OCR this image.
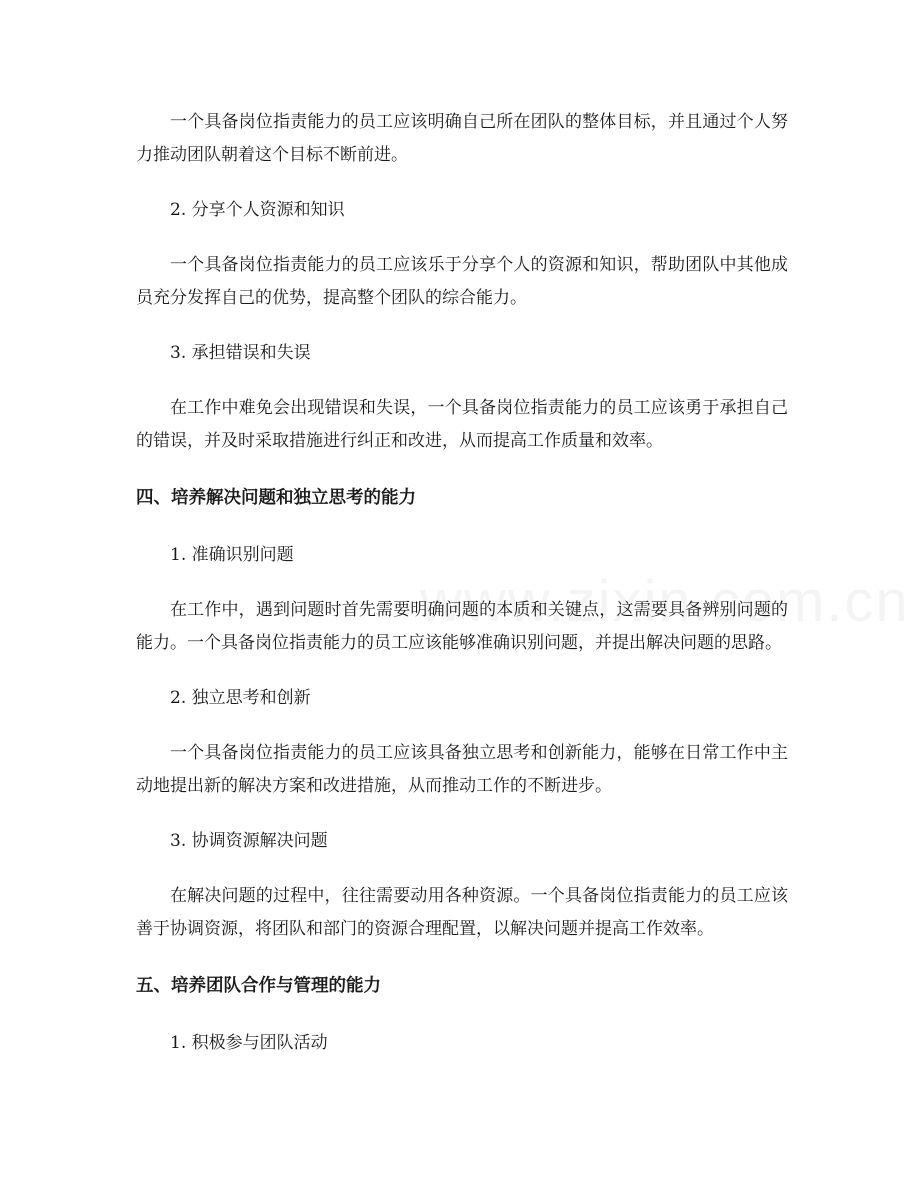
一个具备岗位指责能力的员工应该明确自己所在团队的整体目标，并且通过个人努力推动团队朝着这个目标不断前进。

2. 分享个人资源和知识

一个具备岗位指责能力的员工应该乐于分享个人的资源和知识，帮助团队中其他成员充分发挥自己的优势，提高整个团队的综合能力。

3. 承担错误和失误

在工作中难免会出现错误和失误，一个具备岗位指责能力的员工应该勇于承担自己的错误，并及时采取措施进行纠正和改进，从而提高工作质量和效率。

四、培养解决问题和独立思考的能力

1. 准确识别问题

在工作中，遇到问题时首先需要明确问题的本质和关键点，这需要具备辨别问题的能力。一个具备岗位指责能力的员工应该能够准确识别问题，并提出解决问题的思路。

2. 独立思考和创新

一个具备岗位指责能力的员工应该具备独立思考和创新能力，能够在日常工作中主动地提出新的解决方案和改进措施，从而推动工作的不断进步。

3. 协调资源解决问题

在解决问题的过程中，往往需要动用各种资源。一个具备岗位指责能力的员工应该善于协调资源，将团队和部门的资源合理配置，以解决问题并提高工作效率。

五、培养团队合作与管理的能力

1. 积极参与团队活动
